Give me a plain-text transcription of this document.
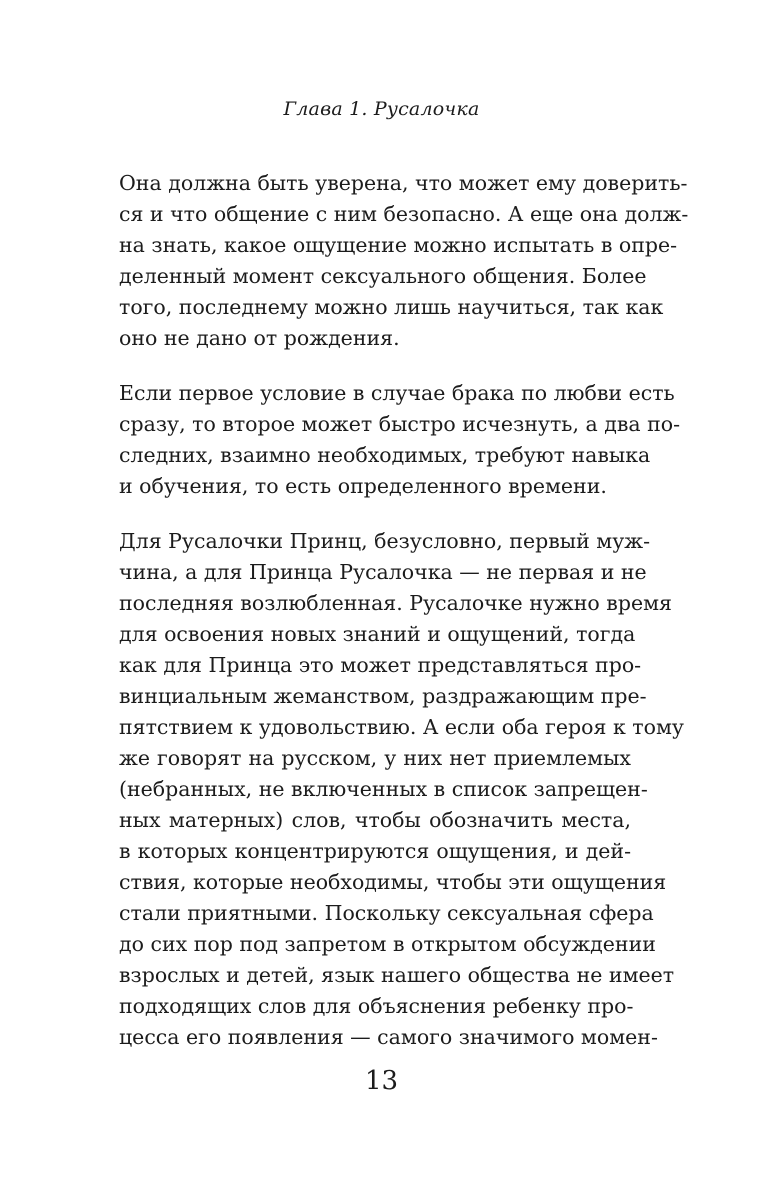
Глава 1. Русалочка
Она должна быть уверена, что может ему доверить-
ся и что общение с ним безопасно. А еще она долж-
на знать, какое ощущение можно испытать в опре-
деленный момент сексуального общения. Более
того, последнему можно лишь научиться, так как
оно не дано от рождения.
Если первое условие в случае брака по любви есть
сразу, то второе может быстро исчезнуть, а два по-
следних, взаимно необходимых, требуют навыка
и обучения, то есть определенного времени.
Для Русалочки Принц, безусловно, первый муж-
чина, а для Принца Русалочка — не первая и не
последняя возлюбленная. Русалочке нужно время
для освоения новых знаний и ощущений, тогда
как для Принца это может представляться про-
винциальным жеманством, раздражающим пре-
пятствием к удовольствию. А если оба героя к тому
же говорят на русском, у них нет приемлемых
(небранных, не включенных в список запрещен-
ных матерных) слов, чтобы обозначить места,
в которых концентрируются ощущения, и дей-
ствия, которые необходимы, чтобы эти ощущения
стали приятными. Поскольку сексуальная сфера
до сих пор под запретом в открытом обсуждении
взрослых и детей, язык нашего общества не имеет
подходящих слов для объяснения ребенку про-
цесса его появления — самого значимого момен-
13
